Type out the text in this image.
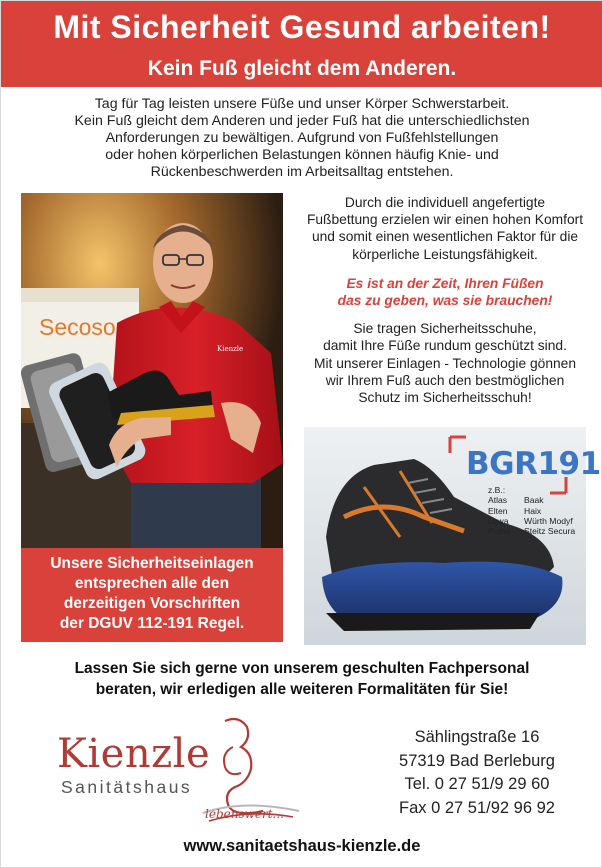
Mit Sicherheit Gesund arbeiten!
Kein Fuß gleicht dem Anderen.
Tag für Tag leisten unsere Füße und unser Körper Schwerstarbeit.
Kein Fuß gleicht dem Anderen und jeder Fuß hat die unterschiedlichsten
Anforderungen zu bewältigen. Aufgrund von Fußfehlstellungen
oder hohen körperlichen Belastungen können häufig Knie- und
Rückenbeschwerden im Arbeitsalltag entstehen.
Secoso
Kienzle
Unsere Sicherheitseinlagen
entsprechen alle den
derzeitigen Vorschriften
der DGUV 112-191 Regel.
Durch die individuell angefertigte
Fußbettung erzielen wir einen hohen Komfort
und somit einen wesentlichen Faktor für die
körperliche Leistungsfähigkeit.
Es ist an der Zeit, Ihren Füßen
das zu geben, was sie brauchen!
Sie tragen Sicherheitsschuhe,
damit Ihre Füße rundum geschützt sind.
Mit unserer Einlagen - Technologie gönnen
wir Ihrem Fuß auch den bestmöglichen
Schutz im Sicherheitsschuh!
BGR191
z.B.:
Atlas	Baak
Elten	Haix
Lowa	Würth Modyf
Puma	Steitz Secura
Lassen Sie sich gerne von unserem geschulten Fachpersonal
beraten, wir erledigen alle weiteren Formalitäten für Sie!
Kienzle
Sanitätshaus
lebenswert...
Sählingstraße 16
57319 Bad Berleburg
Tel. 0 27 51/9 29 60
Fax 0 27 51/92 96 92
www.sanitaetshaus-kienzle.de
